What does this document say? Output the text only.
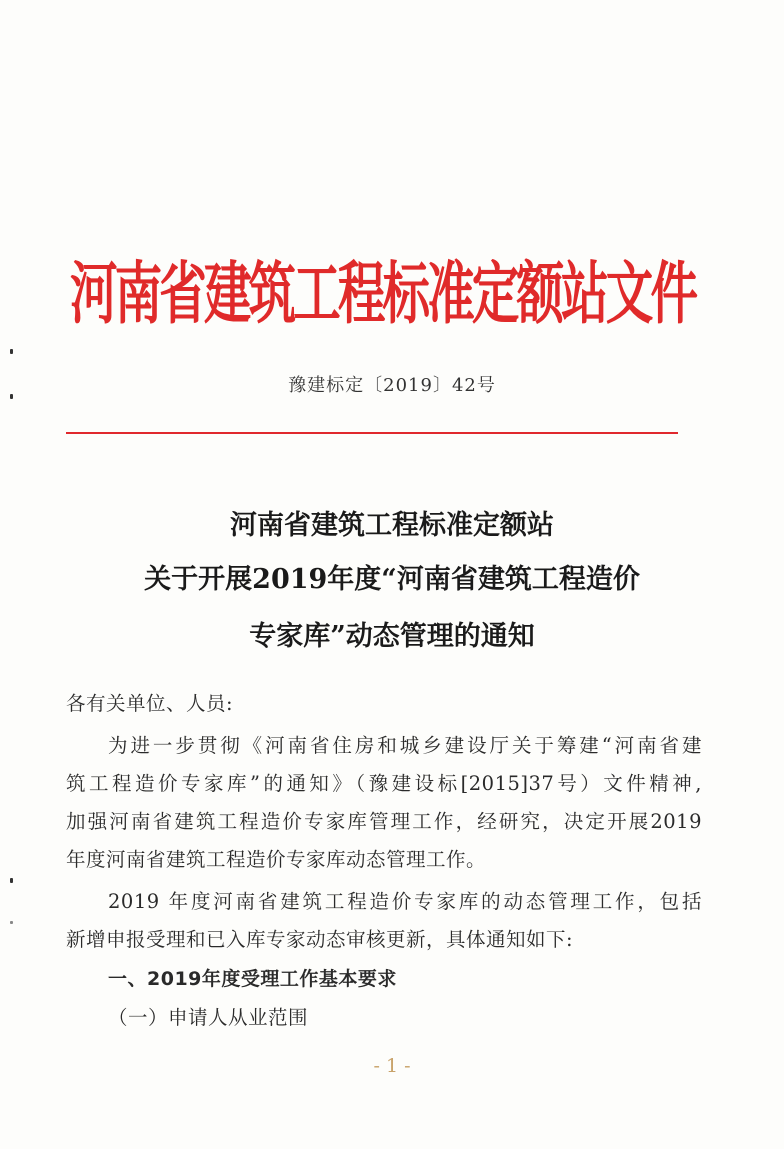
河南省建筑工程标准定额站文件
豫建标定〔2019〕42号
河南省建筑工程标准定额站
关于开展2019年度“河南省建筑工程造价
专家库”动态管理的通知
各有关单位、人员:
为进一步贯彻《河南省住房和城乡建设厅关于筹建“河南省建
筑工程造价专家库”的通知》（豫建设标[2015]37号）文件精神,
加强河南省建筑工程造价专家库管理工作，经研究，决定开展2019
年度河南省建筑工程造价专家库动态管理工作。
2019 年度河南省建筑工程造价专家库的动态管理工作，包括
新增申报受理和已入库专家动态审核更新，具体通知如下:
一、2019年度受理工作基本要求
（一）申请人从业范围
- 1 -
